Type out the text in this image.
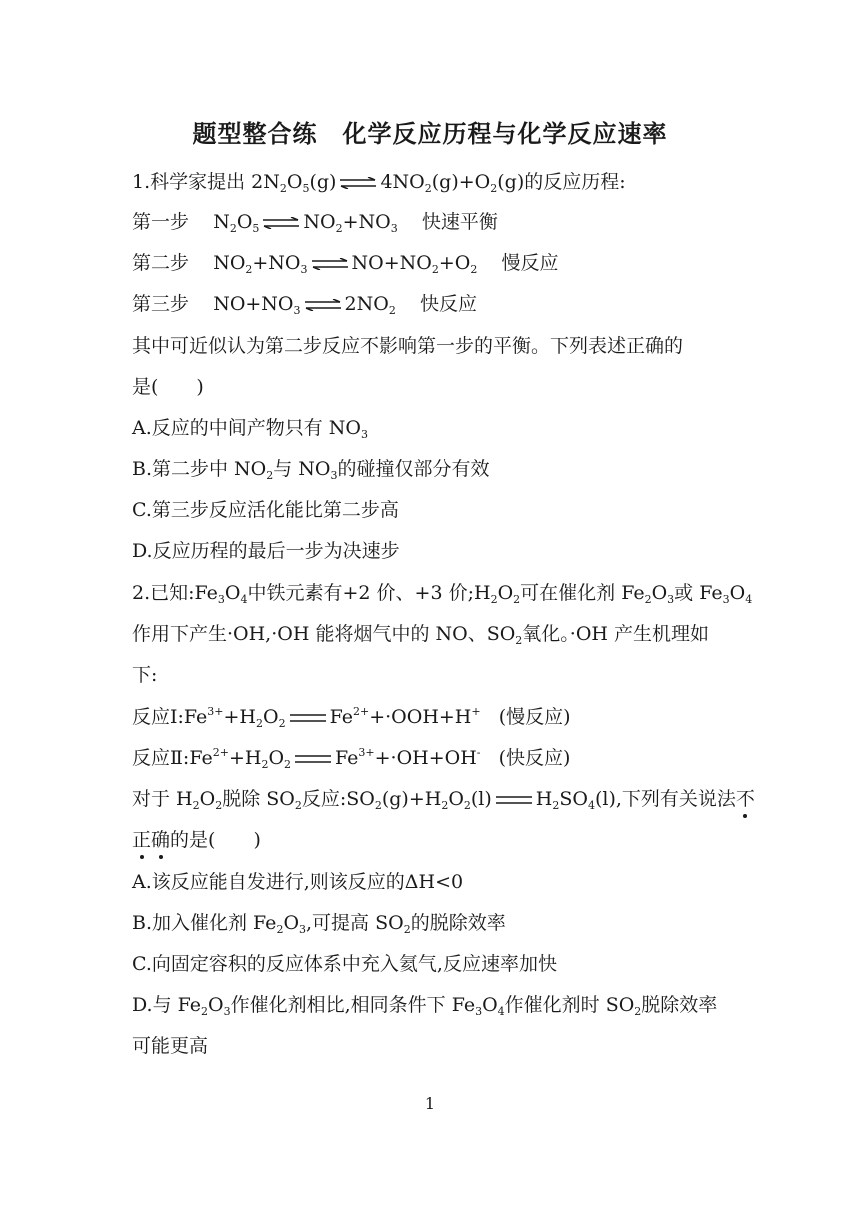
题型整合练　化学反应历程与化学反应速率
1.科学家提出 $2N_2O_5(g)$ ⇌ $4NO_2(g)+O_2(g)$的反应历程:
第一步 $N_2O_5$ ⇌ $NO_2+NO_3$ 快速平衡
第二步 $NO_2+NO_3$ ⇌ $NO+NO_2+O_2$ 慢反应
第三步 $NO+NO_3$ ⇌ $2NO_2$ 快反应
其中可近似认为第二步反应不影响第一步的平衡。下列表述正确的
是(　　)
A.反应的中间产物只有 $NO_3$
B.第二步中 $NO_2$与 $NO_3$的碰撞仅部分有效
C.第三步反应活化能比第二步高
D.反应历程的最后一步为决速步
2.已知$:Fe_3O_4$中铁元素有+2 价、+3 价$;H_2O_2$可在催化剂 $Fe_2O_3$或 $Fe_3O_4$
作用下产生·OH,·OH 能将烟气中的 NO、$SO_2$氧化。·OH 产生机理如
下:
反应$Ⅰ:Fe^{3+}+H_2O_2$ $Fe^{2+}+\cdot OOH+H^+$ (慢反应)
反应$Ⅱ:Fe^{2+}+H_2O_2$ $Fe^{3+}+\cdot OH+OH^-$ (快反应)
对于 $H_2O_2$脱除 $SO_2$反应$:SO_2(g)+H_2O_2(l)$ $H_2SO_4(l)$,下列有关说法不
正确的是(　　)
A.该反应能自发进行,则该反应的ΔH<0
B.加入催化剂 $Fe_2O_3$,可提高 $SO_2$的脱除效率
C.向固定容积的反应体系中充入氦气,反应速率加快
D.与 $Fe_2O_3$作催化剂相比,相同条件下 $Fe_3O_4$作催化剂时 $SO_2$脱除效率
可能更高
1
